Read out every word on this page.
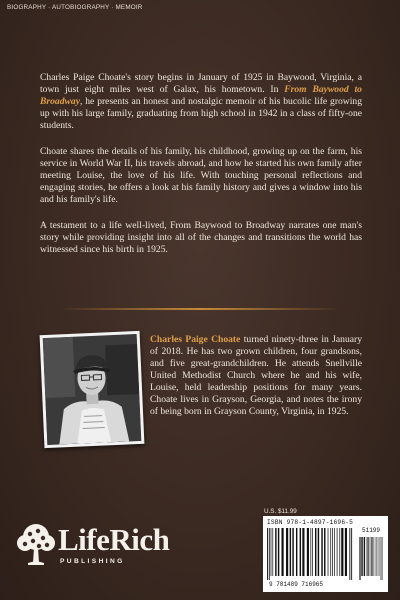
BIOGRAPHY · AUTOBIOGRAPHY · MEMOIR

Charles Paige Choate's story begins in January of 1925 in Baywood, Virginia, a town just eight miles west of Galax, his hometown. In From Baywood to Broadway, he presents an honest and nostalgic memoir of his bucolic life growing up with his large family, graduating from high school in 1942 in a class of fifty-one students.

Choate shares the details of his family, his childhood, growing up on the farm, his service in World War II, his travels abroad, and how he started his own family after meeting Louise, the love of his life. With touching personal reflections and engaging stories, he offers a look at his family history and gives a window into his and his family's life.

A testament to a life well-lived, From Baywood to Broadway narrates one man's story while providing insight into all of the changes and transitions the world has witnessed since his birth in 1925.

Charles Paige Choate turned ninety-three in January of 2018. He has two grown children, four grandsons, and five great-grandchildren. He attends Snellville United Methodist Church where he and his wife, Louise, held leadership positions for many years. Choate lives in Grayson, Georgia, and notes the irony of being born in Grayson County, Virginia, in 1925.
LifeRich
PUBLISHING
U.S. $11.99
ISBN 978-1-4897-1696-5
51199
9 781489 716965
